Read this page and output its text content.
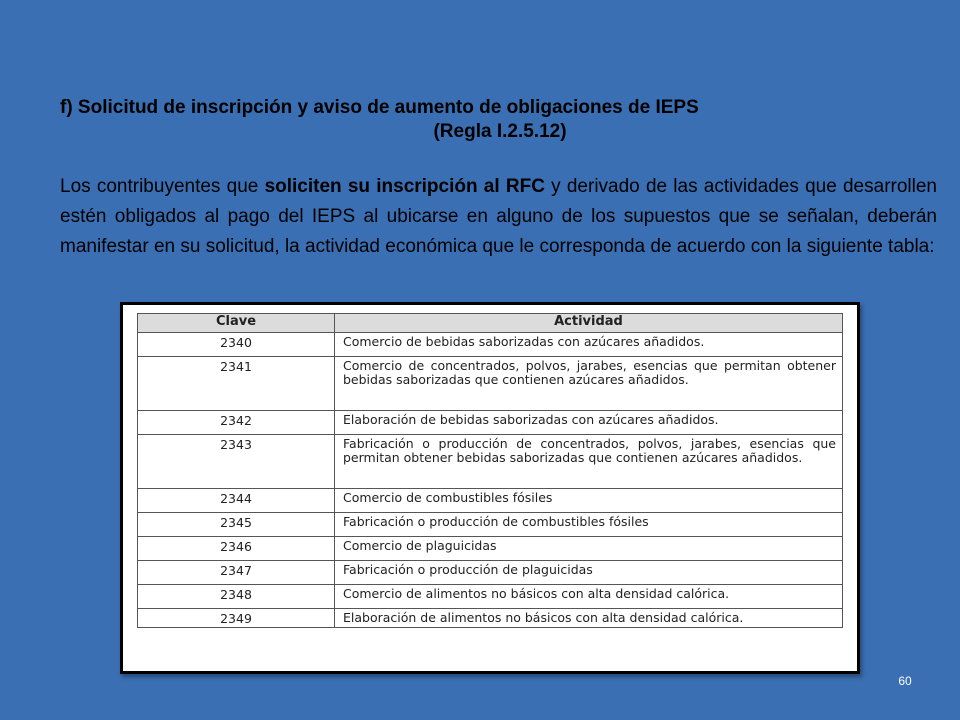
f) Solicitud de inscripción y aviso de aumento de obligaciones de IEPS
(Regla I.2.5.12)
Los contribuyentes que soliciten su inscripción al RFC y derivado de las actividades que desarrollen estén obligados al pago del IEPS al ubicarse en alguno de los supuestos que se señalan, deberán manifestar en su solicitud, la actividad económica que le corresponda de acuerdo con la siguiente tabla:
Clave	Actividad
2340	Comercio de bebidas saborizadas con azúcares añadidos.
2341	Comercio de concentrados, polvos, jarabes, esencias que permitan obtener bebidas saborizadas que contienen azúcares añadidos.
2342	Elaboración de bebidas saborizadas con azúcares añadidos.
2343	Fabricación o producción de concentrados, polvos, jarabes, esencias que permitan obtener bebidas saborizadas que contienen azúcares añadidos.
2344	Comercio de combustibles fósiles
2345	Fabricación o producción de combustibles fósiles
2346	Comercio de plaguicidas
2347	Fabricación o producción de plaguicidas
2348	Comercio de alimentos no básicos con alta densidad calórica.
2349	Elaboración de alimentos no básicos con alta densidad calórica.
60
